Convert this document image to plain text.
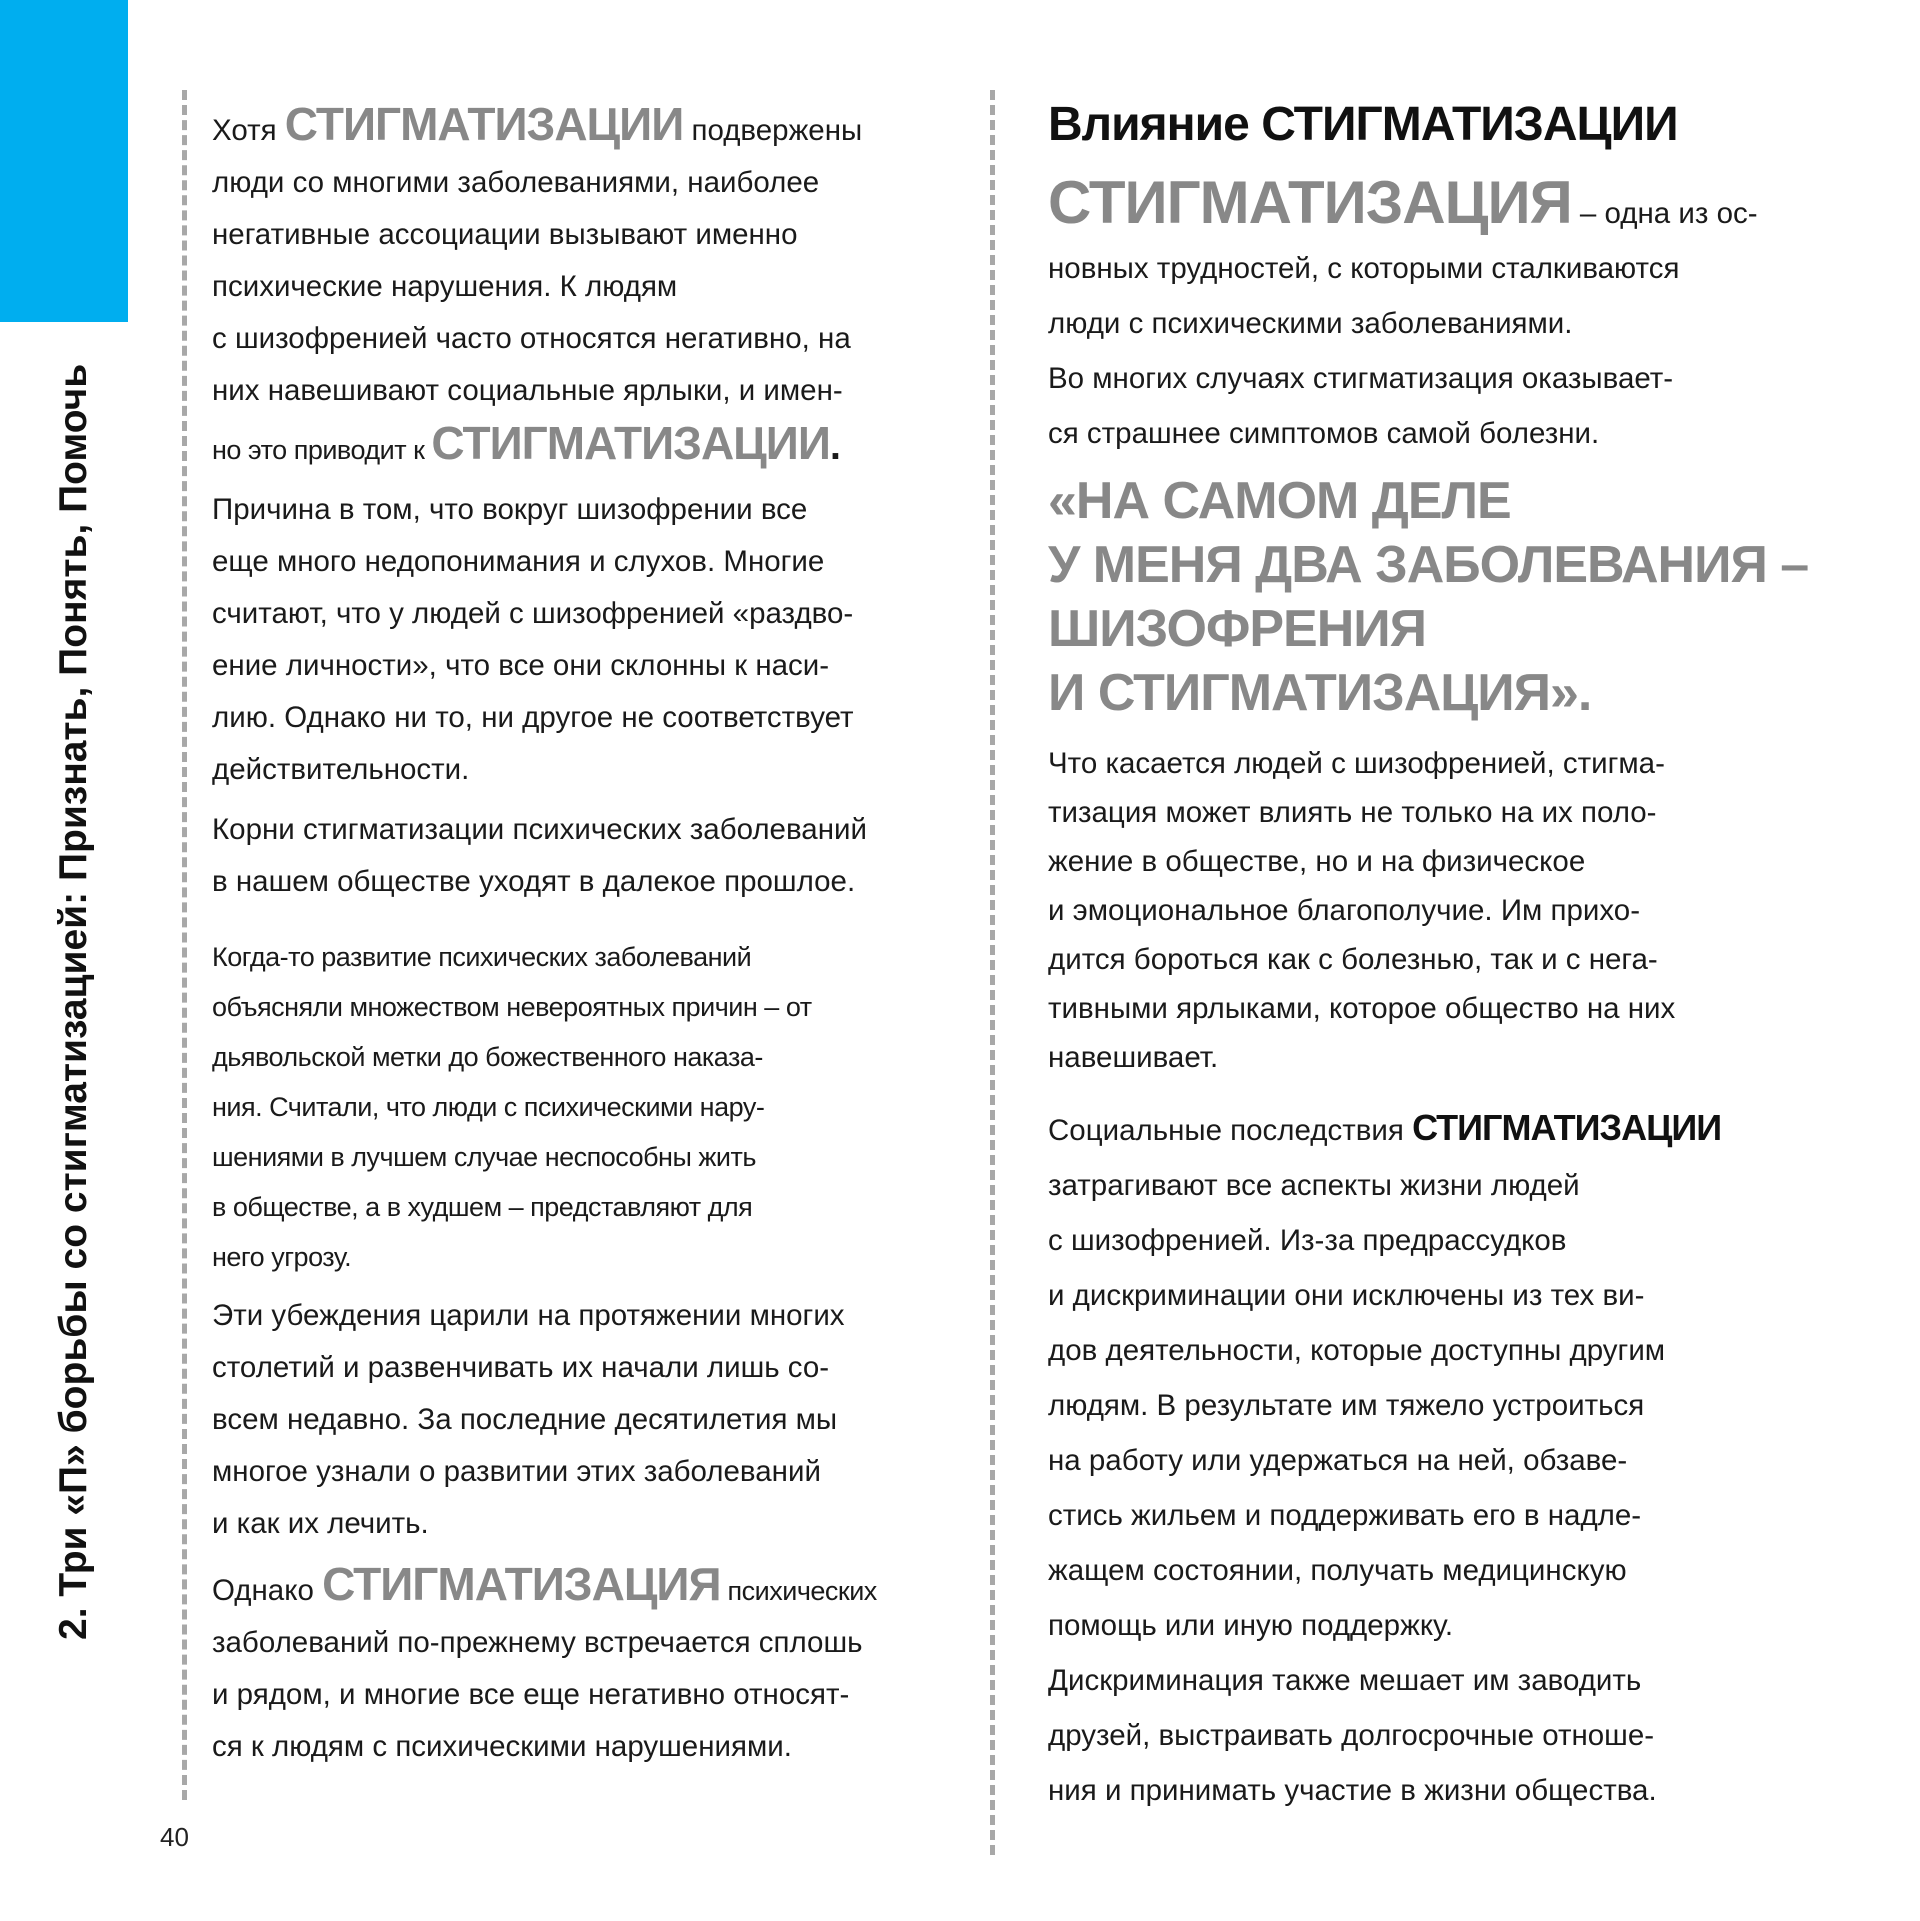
2. Три «П» борьбы со стигматизацией: Признать, Понять, Помочь

Хотя СТИГМАТИЗАЦИИ подвержены
люди со многими заболеваниями, наиболее
негативные ассоциации вызывают именно
психические нарушения. К людям
с шизофренией часто относятся негативно, на
них навешивают социальные ярлыки, и имен-
но это приводит к СТИГМАТИЗАЦИИ.

Причина в том, что вокруг шизофрении все
еще много недопонимания и слухов. Многие
считают, что у людей с шизофренией «раздво-
ение личности», что все они склонны к наси-
лию. Однако ни то, ни другое не соответствует
действительности.

Корни стигматизации психических заболеваний
в нашем обществе уходят в далекое прошлое.

Когда-то развитие психических заболеваний
объясняли множеством невероятных причин – от
дьявольской метки до божественного наказа-
ния. Считали, что люди с психическими нару-
шениями в лучшем случае неспособны жить
в обществе, а в худшем – представляют для
него угрозу.

Эти убеждения царили на протяжении многих
столетий и развенчивать их начали лишь со-
всем недавно. За последние десятилетия мы
многое узнали о развитии этих заболеваний
и как их лечить.

Однако СТИГМАТИЗАЦИЯ психических
заболеваний по-прежнему встречается сплошь
и рядом, и многие все еще негативно относят-
ся к людям с психическими нарушениями.

Влияние СТИГМАТИЗАЦИИ

СТИГМАТИЗАЦИЯ – одна из ос-
новных трудностей, с которыми сталкиваются
люди с психическими заболеваниями.
Во многих случаях стигматизация оказывает-
ся страшнее симптомов самой болезни.

«НА САМОМ ДЕЛЕ
У МЕНЯ ДВА ЗАБОЛЕВАНИЯ –
ШИЗОФРЕНИЯ
И СТИГМАТИЗАЦИЯ».

Что касается людей с шизофренией, стигма-
тизация может влиять не только на их поло-
жение в обществе, но и на физическое
и эмоциональное благополучие. Им прихо-
дится бороться как с болезнью, так и с нега-
тивными ярлыками, которое общество на них
навешивает.

Социальные последствия СТИГМАТИЗАЦИИ
затрагивают все аспекты жизни людей
с шизофренией. Из-за предрассудков
и дискриминации они исключены из тех ви-
дов деятельности, которые доступны другим
людям. В результате им тяжело устроиться
на работу или удержаться на ней, обзаве-
стись жильем и поддерживать его в надле-
жащем состоянии, получать медицинскую
помощь или иную поддержку.
Дискриминация также мешает им заводить
друзей, выстраивать долгосрочные отноше-
ния и принимать участие в жизни общества.

40
